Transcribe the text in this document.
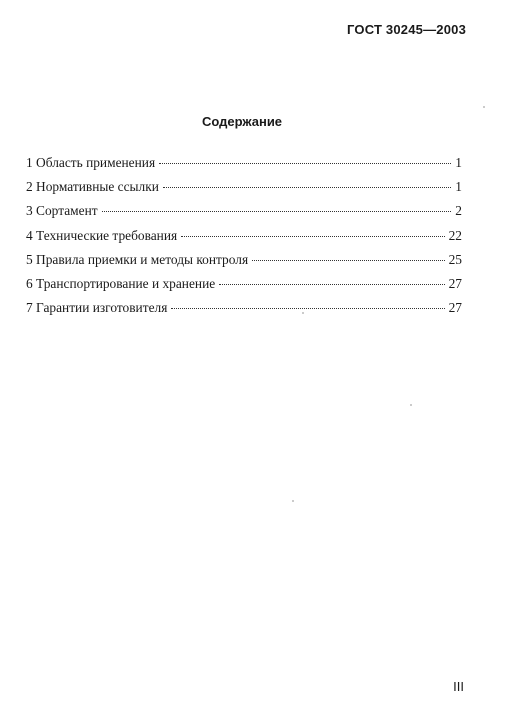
ГОСТ 30245—2003
Содержание
1 Область применения	1
2 Нормативные ссылки	1
3 Сортамент	2
4 Технические требования	22
5 Правила приемки и методы контроля	25
6 Транспортирование и хранение	27
7 Гарантии изготовителя	27
III
